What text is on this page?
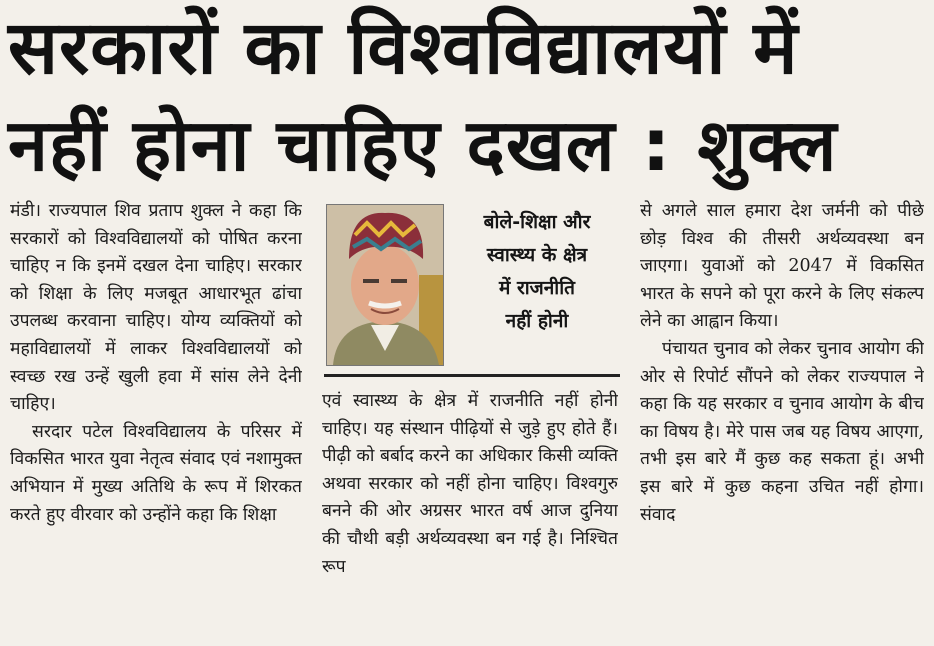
सरकारों का विश्वविद्यालयों में
नहीं होना चाहिए दखल : शुक्ल

मंडी। राज्यपाल शिव प्रताप शुक्ल ने कहा कि सरकारों को विश्वविद्यालयों को पोषित करना चाहिए न कि इनमें दखल देना चाहिए। सरकार को शिक्षा के लिए मजबूत आधारभूत ढांचा उपलब्ध करवाना चाहिए। योग्य व्यक्तियों को महाविद्यालयों में लाकर विश्वविद्यालयों को स्वच्छ रख उन्हें खुली हवा में सांस लेने देनी चाहिए।

सरदार पटेल विश्वविद्यालय के परिसर में विकसित भारत युवा नेतृत्व संवाद एवं नशामुक्त अभियान में मुख्य अतिथि के रूप में शिरकत करते हुए वीरवार को उन्होंने कहा कि शिक्षा

बोले-शिक्षा और
स्वास्थ्य के क्षेत्र
में राजनीति
नहीं होनी

एवं स्वास्थ्य के क्षेत्र में राजनीति नहीं होनी चाहिए। यह संस्थान पीढ़ियों से जुड़े हुए होते हैं। पीढ़ी को बर्बाद करने का अधिकार किसी व्यक्ति अथवा सरकार को नहीं होना चाहिए। विश्वगुरु बनने की ओर अग्रसर भारत वर्ष आज दुनिया की चौथी बड़ी अर्थव्यवस्था बन गई है। निश्चित रूप

से अगले साल हमारा देश जर्मनी को पीछे छोड़ विश्व की तीसरी अर्थव्यवस्था बन जाएगा। युवाओं को 2047 में विकसित भारत के सपने को पूरा करने के लिए संकल्प लेने का आह्वान किया।

पंचायत चुनाव को लेकर चुनाव आयोग की ओर से रिपोर्ट सौंपने को लेकर राज्यपाल ने कहा कि यह सरकार व चुनाव आयोग के बीच का विषय है। मेरे पास जब यह विषय आएगा, तभी इस बारे मैं कुछ कह सकता हूं। अभी इस बारे में कुछ कहना उचित नहीं होगा। संवाद
